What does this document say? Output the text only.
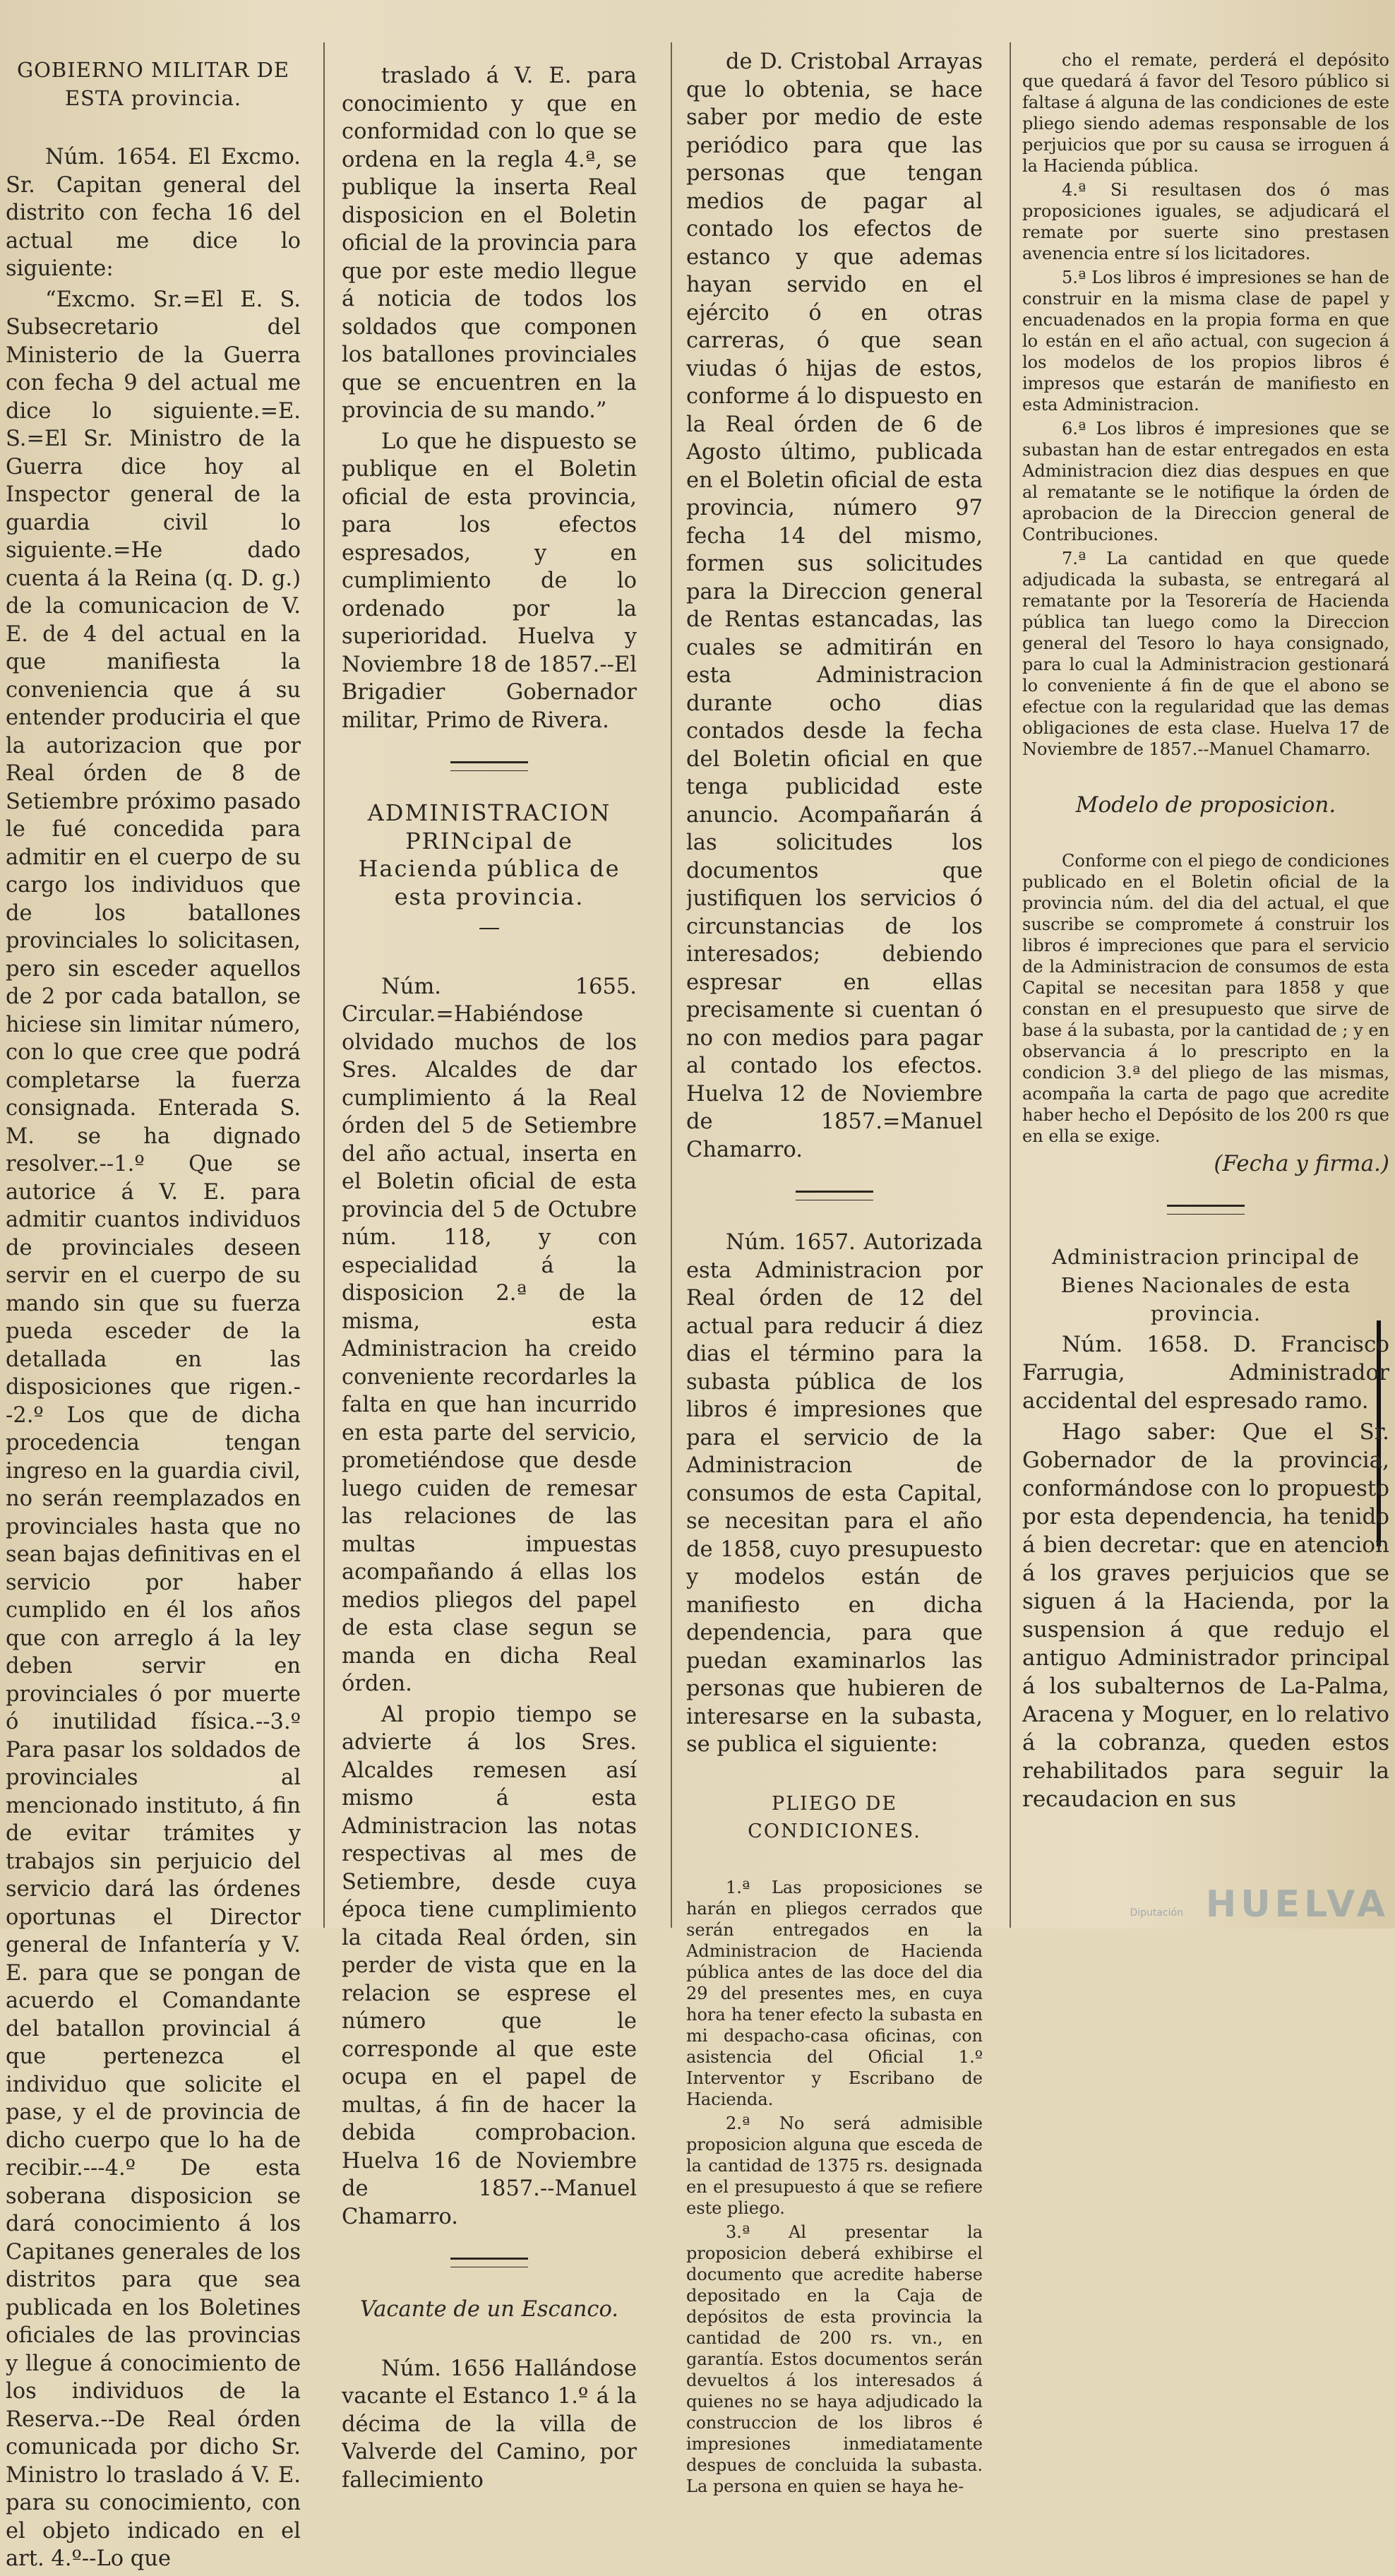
GOBIERNO MILITAR DE ESTA provincia.

Núm. 1654. El Excmo. Sr. Capitan general del distrito con fecha 16 del actual me dice lo siguiente:

“Excmo. Sr.=El E. S. Subsecretario del Ministerio de la Guerra con fecha 9 del actual me dice lo siguiente.=E. S.=El Sr. Ministro de la Guerra dice hoy al Inspector general de la guardia civil lo siguiente.=He dado cuenta á la Reina (q. D. g.) de la comunicacion de V. E. de 4 del actual en la que manifiesta la conveniencia que á su entender produciria el que la autorizacion que por Real órden de 8 de Setiembre próximo pasado le fué concedida para admitir en el cuerpo de su cargo los individuos que de los batallones provinciales lo solicitasen, pero sin esceder aquellos de 2 por cada batallon, se hiciese sin limitar número, con lo que cree que podrá completarse la fuerza consignada. Enterada S. M. se ha dignado resolver.--1.º Que se autorice á V. E. para admitir cuantos individuos de provinciales deseen servir en el cuerpo de su mando sin que su fuerza pueda esceder de la detallada en las disposiciones que rigen.--2.º Los que de dicha procedencia tengan ingreso en la guardia civil, no serán reemplazados en provinciales hasta que no sean bajas definitivas en el servicio por haber cumplido en él los años que con arreglo á la ley deben servir en provinciales ó por muerte ó inutilidad física.--3.º Para pasar los soldados de provinciales al mencionado instituto, á fin de evitar trámites y trabajos sin perjuicio del servicio dará las órdenes oportunas el Director general de Infantería y V. E. para que se pongan de acuerdo el Comandante del batallon provincial á que pertenezca el individuo que solicite el pase, y el de provincia de dicho cuerpo que lo ha de recibir.---4.º De esta soberana disposicion se dará conocimiento á los Capitanes generales de los distritos para que sea publicada en los Boletines oficiales de las provincias y llegue á conocimiento de los individuos de la Reserva.--De Real órden comunicada por dicho Sr. Ministro lo traslado á V. E. para su conocimiento, con el objeto indicado en el art. 4.º--Lo que

traslado á V. E. para conocimiento y que en conformidad con lo que se ordena en la regla 4.ª, se publique la inserta Real disposicion en el Boletin oficial de la provincia para que por este medio llegue á noticia de todos los soldados que componen los batallones provinciales que se encuentren en la provincia de su mando.”

Lo que he dispuesto se publique en el Boletin oficial de esta provincia, para los efectos espresados, y en cumplimiento de lo ordenado por la superioridad. Huelva y Noviembre 18 de 1857.--El Brigadier Gobernador militar, Primo de Rivera.

ADMINISTRACION PRINcipal de Hacienda pública de esta provincia.

—

Núm. 1655. Circular.=Habiéndose olvidado muchos de los Sres. Alcaldes de dar cumplimiento á la Real órden del 5 de Setiembre del año actual, inserta en el Boletin oficial de esta provincia del 5 de Octubre núm. 118, y con especialidad á la disposicion 2.ª de la misma, esta Administracion ha creido conveniente recordarles la falta en que han incurrido en esta parte del servicio, prometiéndose que desde luego cuiden de remesar las relaciones de las multas impuestas acompañando á ellas los medios pliegos del papel de esta clase segun se manda en dicha Real órden.

Al propio tiempo se advierte á los Sres. Alcaldes remesen así mismo á esta Administracion las notas respectivas al mes de Setiembre, desde cuya época tiene cumplimiento la citada Real órden, sin perder de vista que en la relacion se esprese el número que le corresponde al que este ocupa en el papel de multas, á fin de hacer la debida comprobacion. Huelva 16 de Noviembre de 1857.--Manuel Chamarro.

Vacante de un Escanco.

Núm. 1656 Hallándose vacante el Estanco 1.º á la décima de la villa de Valverde del Camino, por fallecimiento

de D. Cristobal Arrayas que lo obtenia, se hace saber por medio de este periódico para que las personas que tengan medios de pagar al contado los efectos de estanco y que ademas hayan servido en el ejército ó en otras carreras, ó que sean viudas ó hijas de estos, conforme á lo dispuesto en la Real órden de 6 de Agosto último, publicada en el Boletin oficial de esta provincia, número 97 fecha 14 del mismo, formen sus solicitudes para la Direccion general de Rentas estancadas, las cuales se admitirán en esta Administracion durante ocho dias contados desde la fecha del Boletin oficial en que tenga publicidad este anuncio. Acompañarán á las solicitudes los documentos que justifiquen los servicios ó circunstancias de los interesados; debiendo espresar en ellas precisamente si cuentan ó no con medios para pagar al contado los efectos. Huelva 12 de Noviembre de 1857.=Manuel Chamarro.

Núm. 1657. Autorizada esta Administracion por Real órden de 12 del actual para reducir á diez dias el término para la subasta pública de los libros é impresiones que para el servicio de la Administracion de consumos de esta Capital, se necesitan para el año de 1858, cuyo presupuesto y modelos están de manifiesto en dicha dependencia, para que puedan examinarlos las personas que hubieren de interesarse en la subasta, se publica el siguiente:

PLIEGO DE CONDICIONES.

1.ª Las proposiciones se harán en pliegos cerrados que serán entregados en la Administracion de Hacienda pública antes de las doce del dia 29 del presentes mes, en cuya hora ha tener efecto la subasta en mi despacho-casa oficinas, con asistencia del Oficial 1.º Interventor y Escribano de Hacienda.

2.ª No será admisible proposicion alguna que esceda de la cantidad de 1375 rs. designada en el presupuesto á que se refiere este pliego.

3.ª Al presentar la proposicion deberá exhibirse el documento que acredite haberse depositado en la Caja de depósitos de esta provincia la cantidad de 200 rs. vn., en garantía. Estos documentos serán devueltos á los interesados á quienes no se haya adjudicado la construccion de los libros é impresiones inmediatamente despues de concluida la subasta. La persona en quien se haya he-

cho el remate, perderá el depósito que quedará á favor del Tesoro público si faltase á alguna de las condiciones de este pliego siendo ademas responsable de los perjuicios que por su causa se irroguen á la Hacienda pública.

4.ª Si resultasen dos ó mas proposiciones iguales, se adjudicará el remate por suerte sino prestasen avenencia entre sí los licitadores.

5.ª Los libros é impresiones se han de construir en la misma clase de papel y encuadenados en la propia forma en que lo están en el año actual, con sugecion á los modelos de los propios libros é impresos que estarán de manifiesto en esta Administracion.

6.ª Los libros é impresiones que se subastan han de estar entregados en esta Administracion diez dias despues en que al rematante se le notifique la órden de aprobacion de la Direccion general de Contribuciones.

7.ª La cantidad en que quede adjudicada la subasta, se entregará al rematante por la Tesorería de Hacienda pública tan luego como la Direccion general del Tesoro lo haya consignado, para lo cual la Administracion gestionará lo conveniente á fin de que el abono se efectue con la regularidad que las demas obligaciones de esta clase. Huelva 17 de Noviembre de 1857.--Manuel Chamarro.

Modelo de proposicion.

Conforme con el piego de condiciones publicado en el Boletin oficial de la provincia núm. del dia del actual, el que suscribe se compromete á construir los libros é impreciones que para el servicio de la Administracion de consumos de esta Capital se necesitan para 1858 y que constan en el presupuesto que sirve de base á la subasta, por la cantidad de ; y en observancia á lo prescripto en la condicion 3.ª del pliego de las mismas, acompaña la carta de pago que acredite haber hecho el Depósito de los 200 rs que en ella se exige.

(Fecha y firma.)

Administracion principal de Bienes Nacionales de esta provincia.

Núm. 1658. D. Francisco Farrugia, Administrador accidental del espresado ramo.

Hago saber: Que el Sr. Gobernador de la provincia, conformándose con lo propuesto por esta dependencia, ha tenido á bien decretar: que en atencion á los graves perjuicios que se siguen á la Hacienda, por la suspension á que redujo el antiguo Administrador principal á los subalternos de La-Palma, Aracena y Moguer, en lo relativo á la cobranza, queden estos rehabilitados para seguir la recaudacion en sus

Diputación HUELVA
